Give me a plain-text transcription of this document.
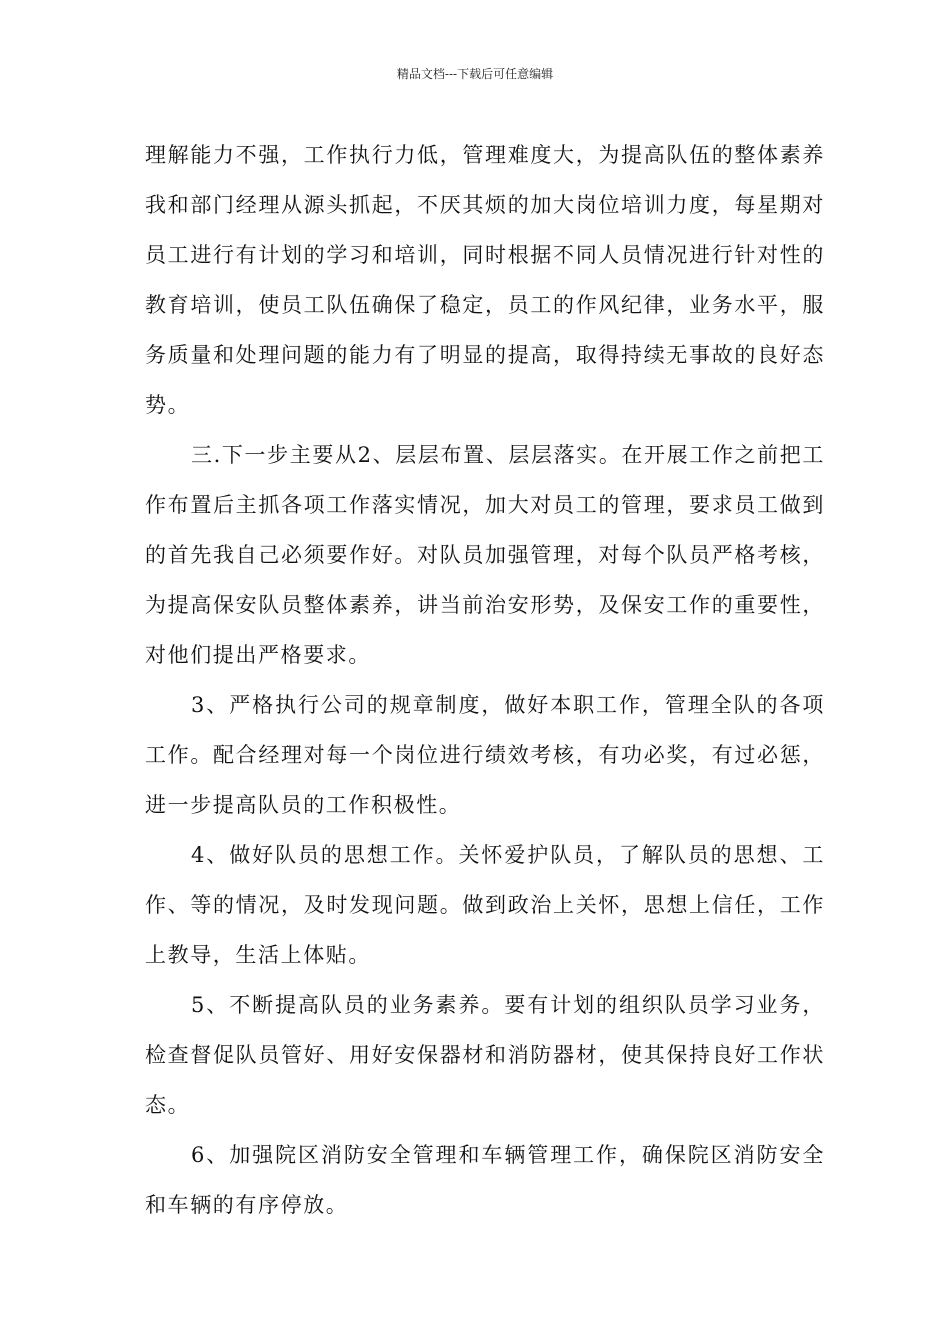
精品文档---下载后可任意编辑

理解能力不强，工作执行力低，管理难度大，为提高队伍的整体素养我和部门经理从源头抓起，不厌其烦的加大岗位培训力度，每星期对员工进行有计划的学习和培训，同时根据不同人员情况进行针对性的教育培训，使员工队伍确保了稳定，员工的作风纪律，业务水平，服务质量和处理问题的能力有了明显的提高，取得持续无事故的良好态势。

三.下一步主要从2、层层布置、层层落实。在开展工作之前把工作布置后主抓各项工作落实情况，加大对员工的管理，要求员工做到的首先我自己必须要作好。对队员加强管理，对每个队员严格考核，为提高保安队员整体素养，讲当前治安形势，及保安工作的重要性，对他们提出严格要求。

3、严格执行公司的规章制度，做好本职工作，管理全队的各项工作。配合经理对每一个岗位进行绩效考核，有功必奖，有过必惩，进一步提高队员的工作积极性。

4、做好队员的思想工作。关怀爱护队员，了解队员的思想、工作、等的情况，及时发现问题。做到政治上关怀，思想上信任，工作上教导，生活上体贴。

5、不断提高队员的业务素养。要有计划的组织队员学习业务，检查督促队员管好、用好安保器材和消防器材，使其保持良好工作状态。

6、加强院区消防安全管理和车辆管理工作，确保院区消防安全和车辆的有序停放。
